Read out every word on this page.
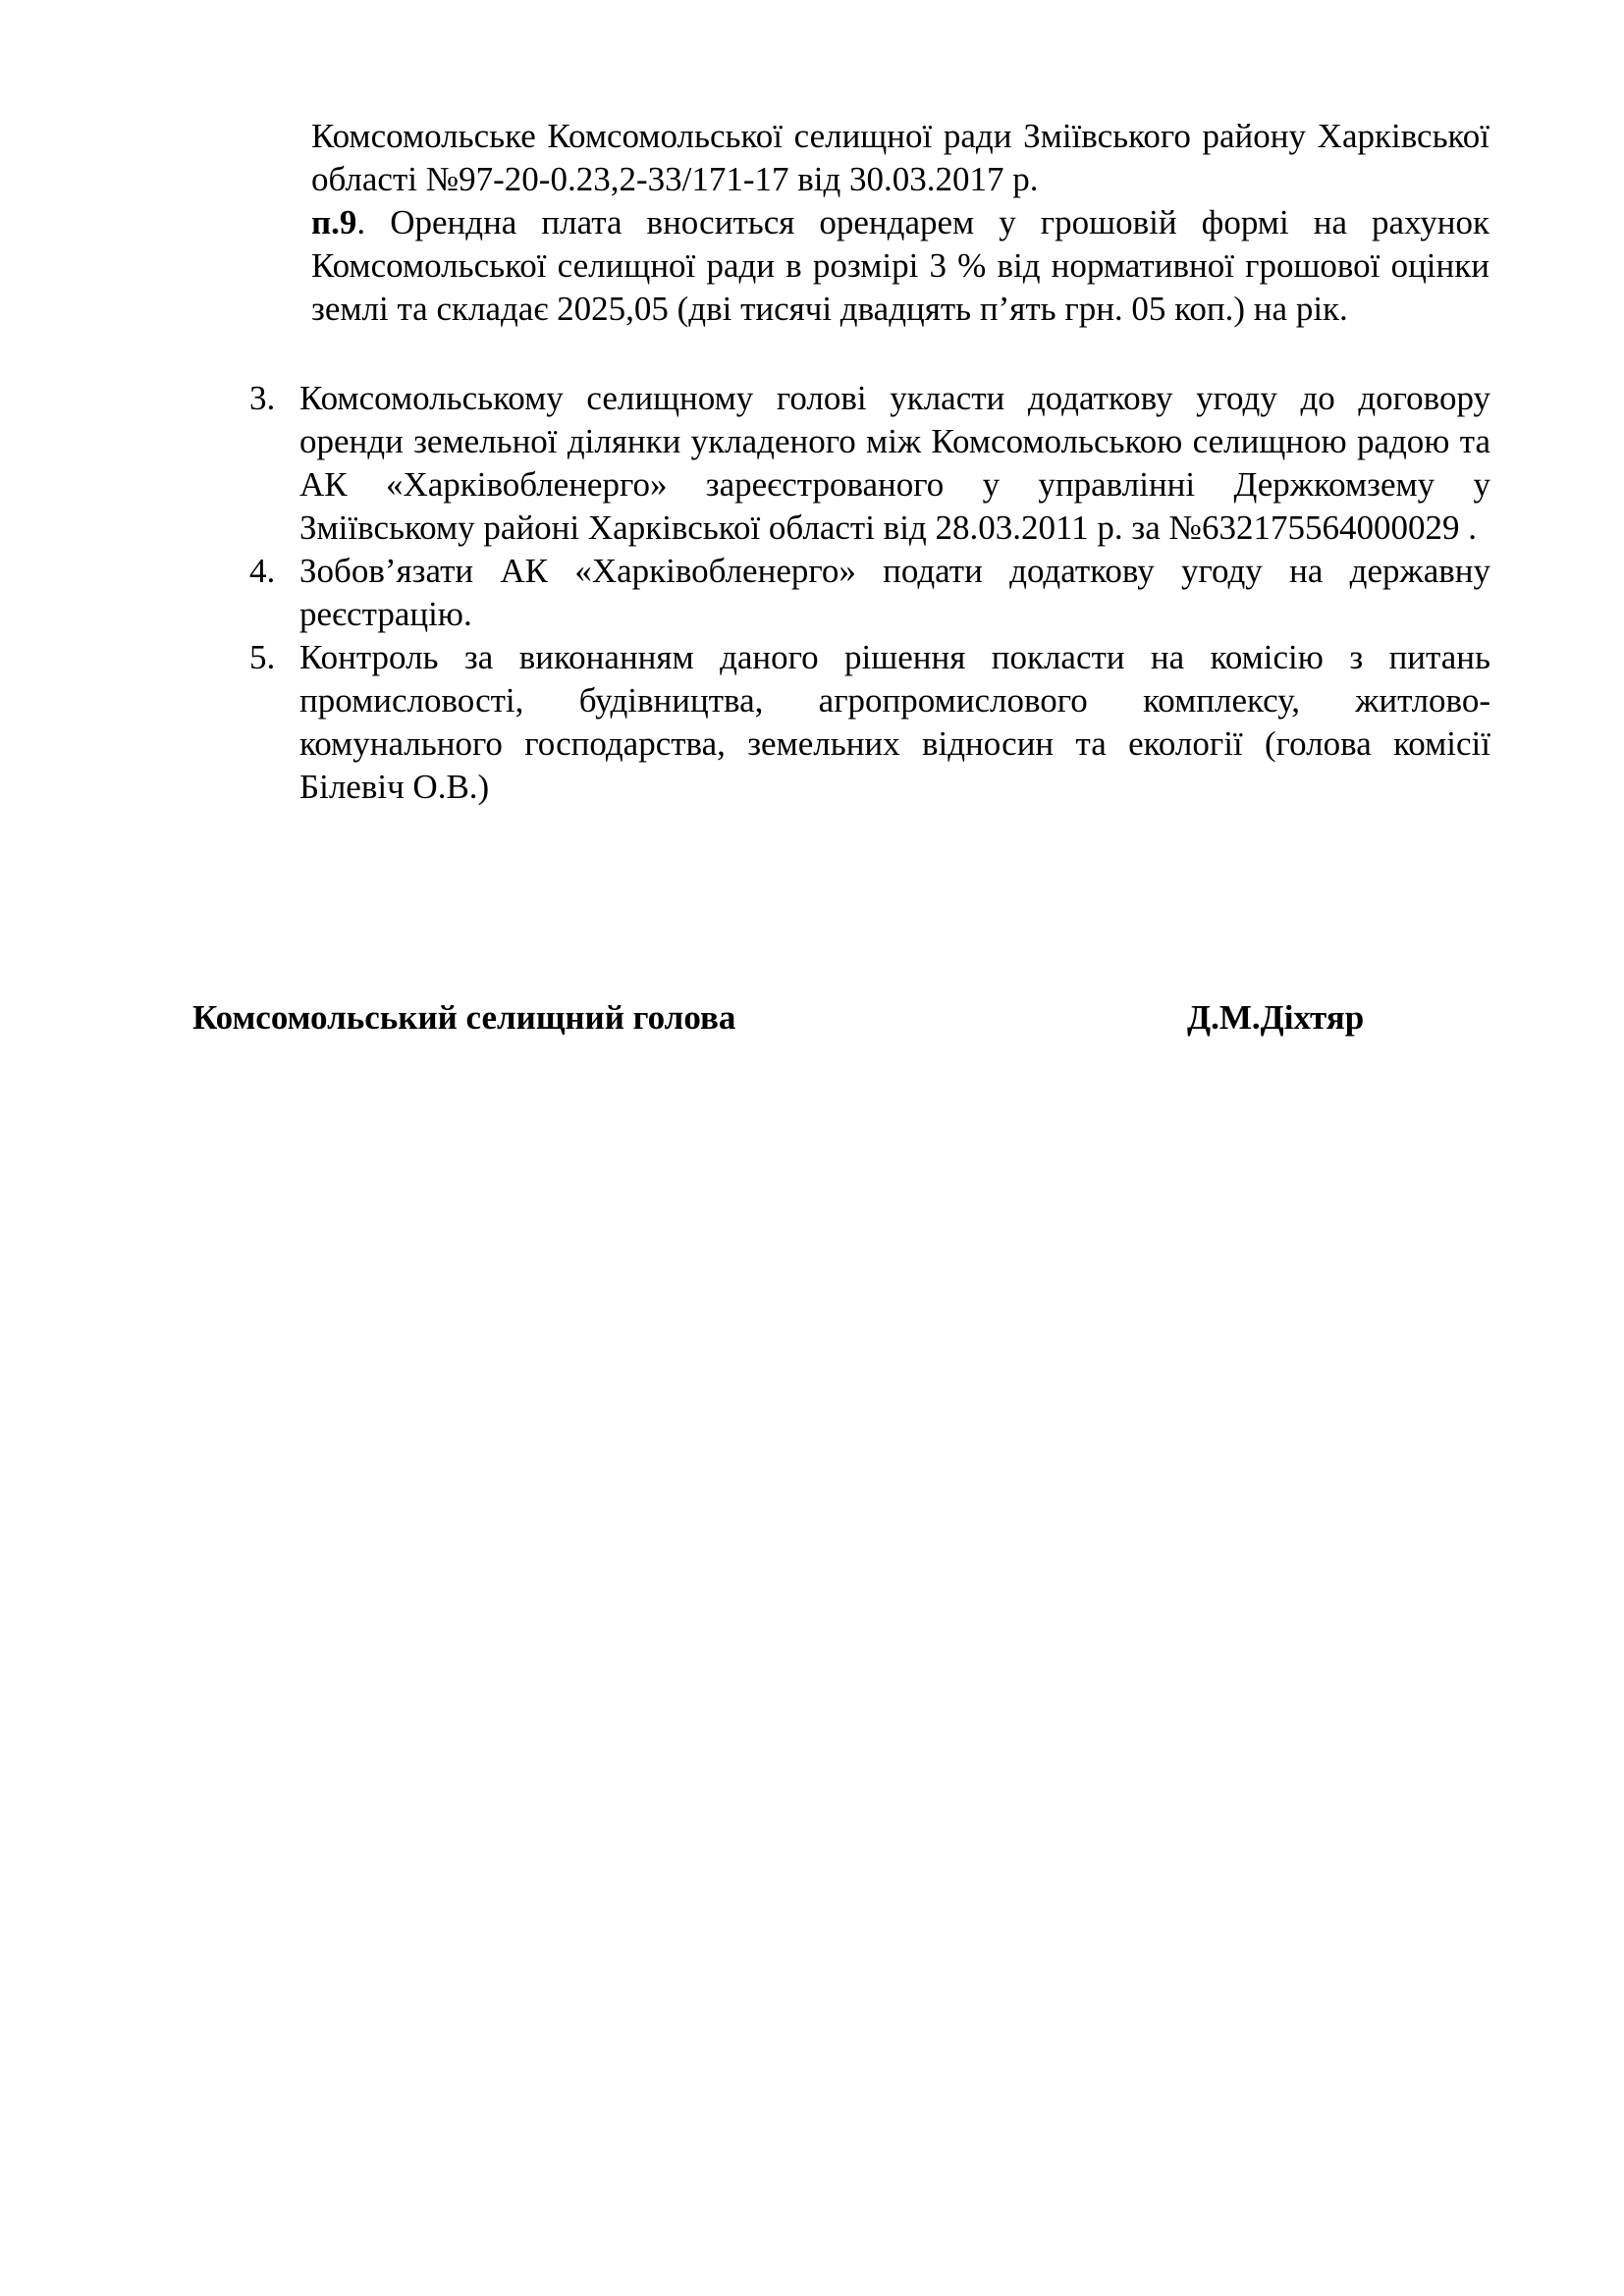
Комсомольське Комсомольської селищної ради Зміївського району Харківської області №97-20-0.23,2-33/171-17 від 30.03.2017 р.

п.9. Орендна плата вноситься орендарем у грошовій формі на рахунок Комсомольської селищної ради в розмірі 3 % від нормативної грошової оцінки землі та складає 2025,05 (дві тисячі двадцять п’ять грн. 05 коп.) на рік.

3. Комсомольському селищному голові укласти додаткову угоду до договору оренди земельної ділянки укладеного між Комсомольською селищною радою та АК «Харківобленерго» зареєстрованого у управлінні Держкомзему у Зміївському районі Харківської області від 28.03.2011 р. за №632175564000029 .
4. Зобов’язати АК «Харківобленерго» подати додаткову угоду на державну реєстрацію.
5. Контроль за виконанням даного рішення покласти на комісію з питань промисловості, будівництва, агропромислового комплексу, житлово-комунального господарства, земельних відносин та екології (голова комісії Білевіч О.В.)
Комсомольський селищний голова	Д.М.Діхтяр
